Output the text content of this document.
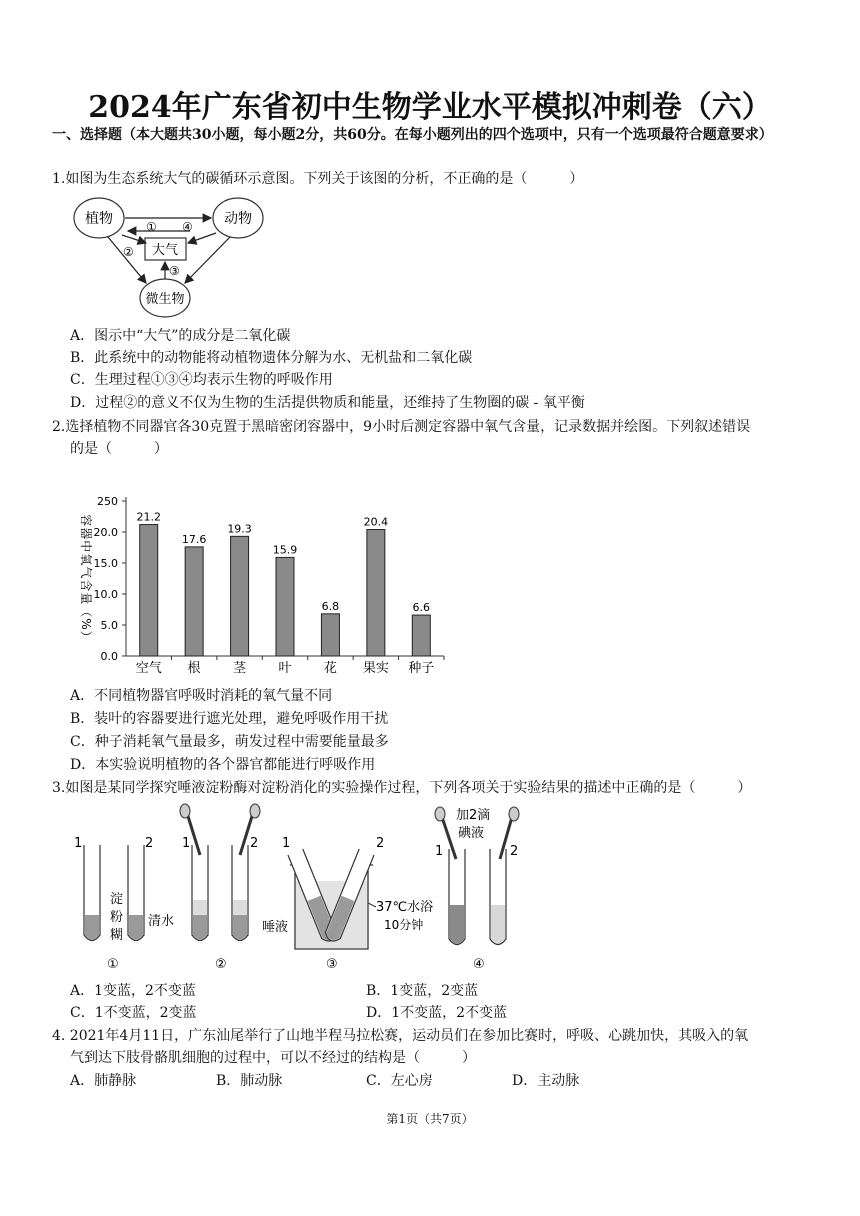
2024年广东省初中生物学业水平模拟冲刺卷（六）
一、选择题（本大题共30小题，每小题2分，共60分。在每小题列出的四个选项中，只有一个选项最符合题意要求）
1.如图为生态系统大气的碳循环示意图。下列关于该图的分析，不正确的是（　　　）
植物	动物
大气
微生物
① ④
②
③
A．图示中“大气”的成分是二氧化碳
B．此系统中的动物能将动植物遗体分解为水、无机盐和二氧化碳
C．生理过程①③④均表示生物的呼吸作用
D．过程②的意义不仅为生物的生活提供物质和能量，还维持了生物圈的碳 - 氧平衡
2.选择植物不同器官各30克置于黑暗密闭容器中，9小时后测定容器中氧气含量，记录数据并绘图。下列叙述错误
的是（　　　）
容器中氧气含量（%）
0.0
5.0
10.0
15.0
20.0
250
21.2
空气
17.6
根
19.3
茎
15.9
叶
6.8
花
20.4
果实
6.6
种子
A．不同植物器官呼吸时消耗的氧气量不同
B．装叶的容器要进行遮光处理，避免呼吸作用干扰
C．种子消耗氧气量最多，萌发过程中需要能量最多
D．本实验说明植物的各个器官都能进行呼吸作用
3.如图是某同学探究唾液淀粉酶对淀粉消化的实验操作过程，下列各项关于实验结果的描述中正确的是（　　　）
1	2
淀
粉
糊
①
1	2
清水	唾液
②
1	2
37℃水浴
10分钟
③
加2滴
碘液
1	2
④
A．1变蓝，2不变蓝	B．1变蓝，2变蓝
C．1不变蓝，2变蓝	D．1不变蓝，2不变蓝
4. 2021年4月11日，广东汕尾举行了山地半程马拉松赛，运动员们在参加比赛时，呼吸、心跳加快，其吸入的氧
气到达下肢骨骼肌细胞的过程中，可以不经过的结构是（　　　）
A．肺静脉	B．肺动脉	C．左心房	D．主动脉
第1页（共7页）
